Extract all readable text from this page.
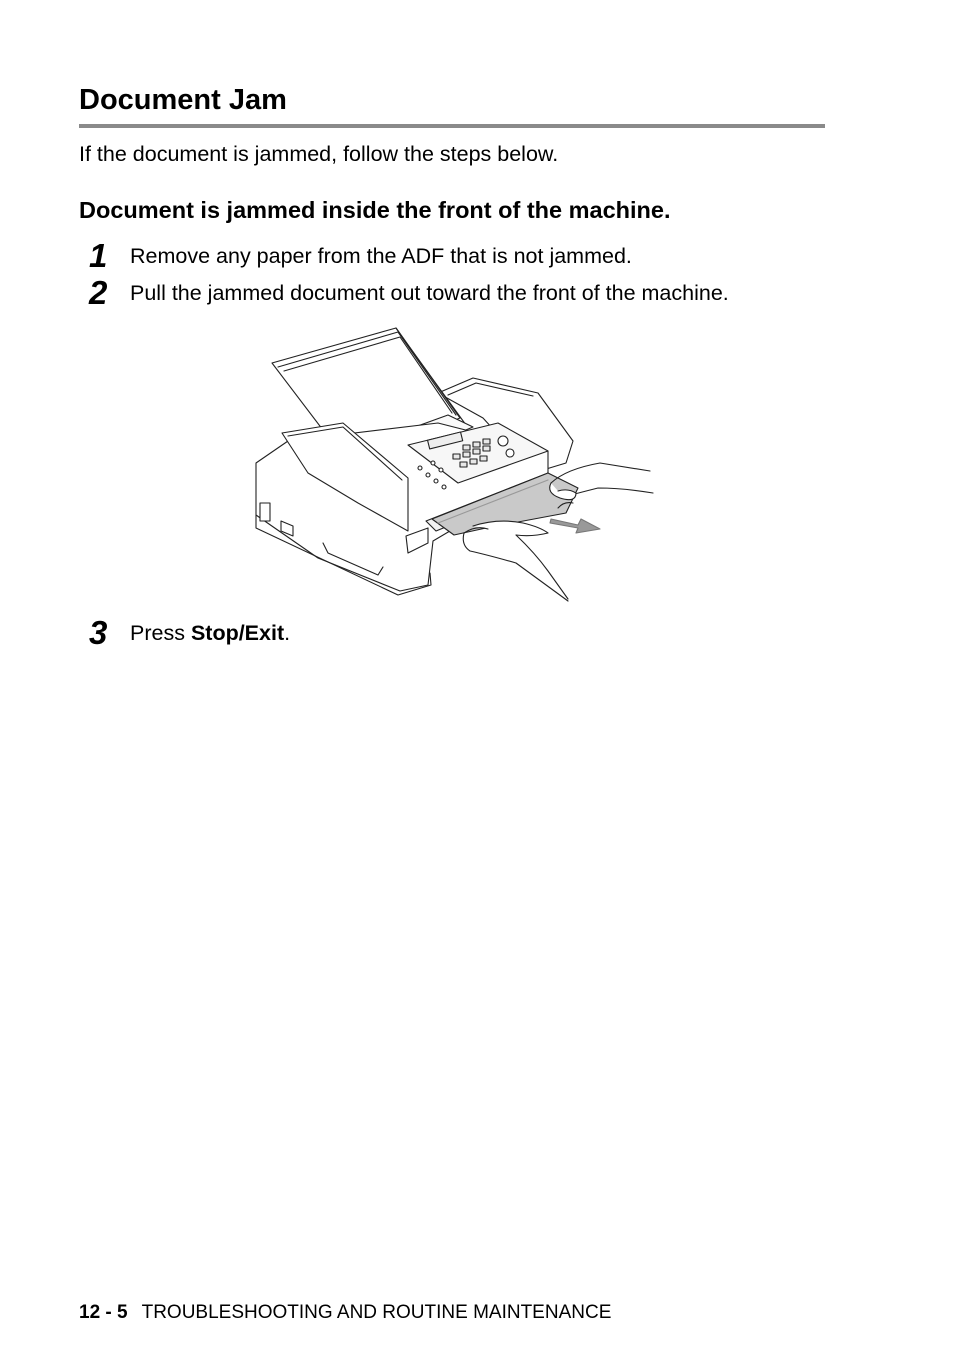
Document Jam

If the document is jammed, follow the steps below.

Document is jammed inside the front of the machine.
1 Remove any paper from the ADF that is not jammed.
2 Pull the jammed document out toward the front of the machine.
3 Press Stop/Exit.
12 - 5 TROUBLESHOOTING AND ROUTINE MAINTENANCE
